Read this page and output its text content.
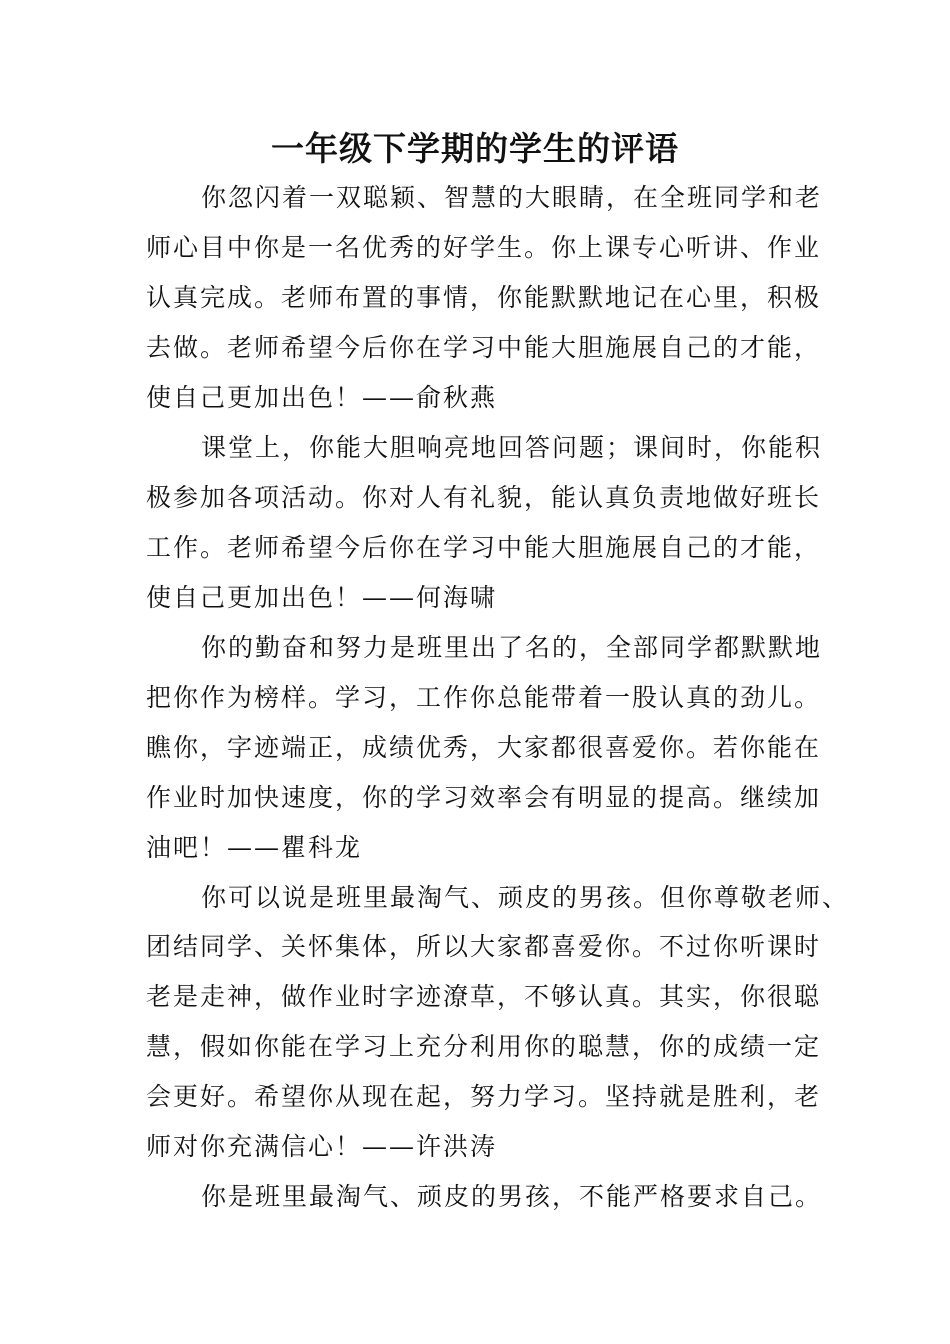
一年级下学期的学生的评语
你忽闪着一双聪颖、智慧的大眼睛，在全班同学和老
师心目中你是一名优秀的好学生。你上课专心听讲、作业
认真完成。老师布置的事情，你能默默地记在心里，积极
去做。老师希望今后你在学习中能大胆施展自己的才能，
使自己更加出色！——俞秋燕
课堂上，你能大胆响亮地回答问题；课间时，你能积
极参加各项活动。你对人有礼貌，能认真负责地做好班长
工作。老师希望今后你在学习中能大胆施展自己的才能，
使自己更加出色！——何海啸
你的勤奋和努力是班里出了名的，全部同学都默默地
把你作为榜样。学习，工作你总能带着一股认真的劲儿。
瞧你，字迹端正，成绩优秀，大家都很喜爱你。若你能在
作业时加快速度，你的学习效率会有明显的提高。继续加
油吧！——瞿科龙
你可以说是班里最淘气、顽皮的男孩。但你尊敬老师、
团结同学、关怀集体，所以大家都喜爱你。不过你听课时
老是走神，做作业时字迹潦草，不够认真。其实，你很聪
慧，假如你能在学习上充分利用你的聪慧，你的成绩一定
会更好。希望你从现在起，努力学习。坚持就是胜利，老
师对你充满信心！——许洪涛
你是班里最淘气、顽皮的男孩，不能严格要求自己。
